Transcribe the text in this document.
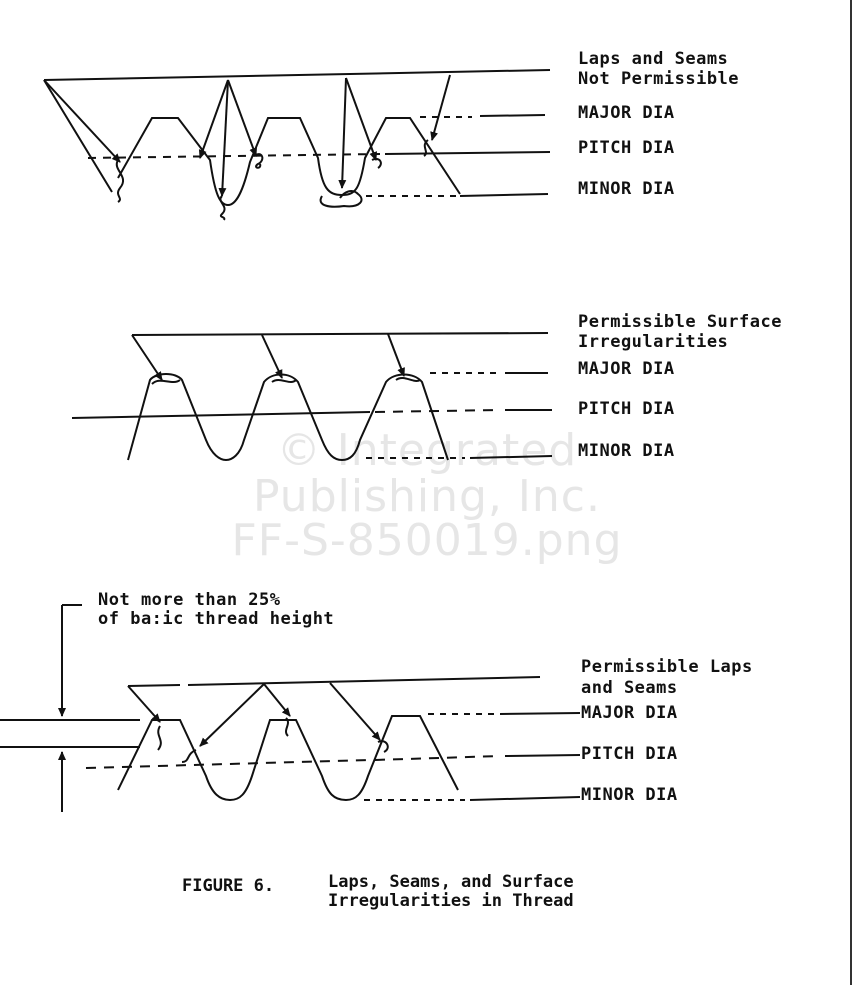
© Integrated
Publishing, Inc.
FF-S-850019.png
Laps and Seams
Not Permissible
MAJOR DIA
PITCH DIA
MINOR DIA
Permissible Surface
Irregularities
MAJOR DIA
PITCH DIA
MINOR DIA
Not more than 25%
of ba:ic thread height
Permissible Laps
and Seams
MAJOR DIA
PITCH DIA
MINOR DIA
FIGURE 6.	Laps, Seams, and Surface
Irregularities in Thread
